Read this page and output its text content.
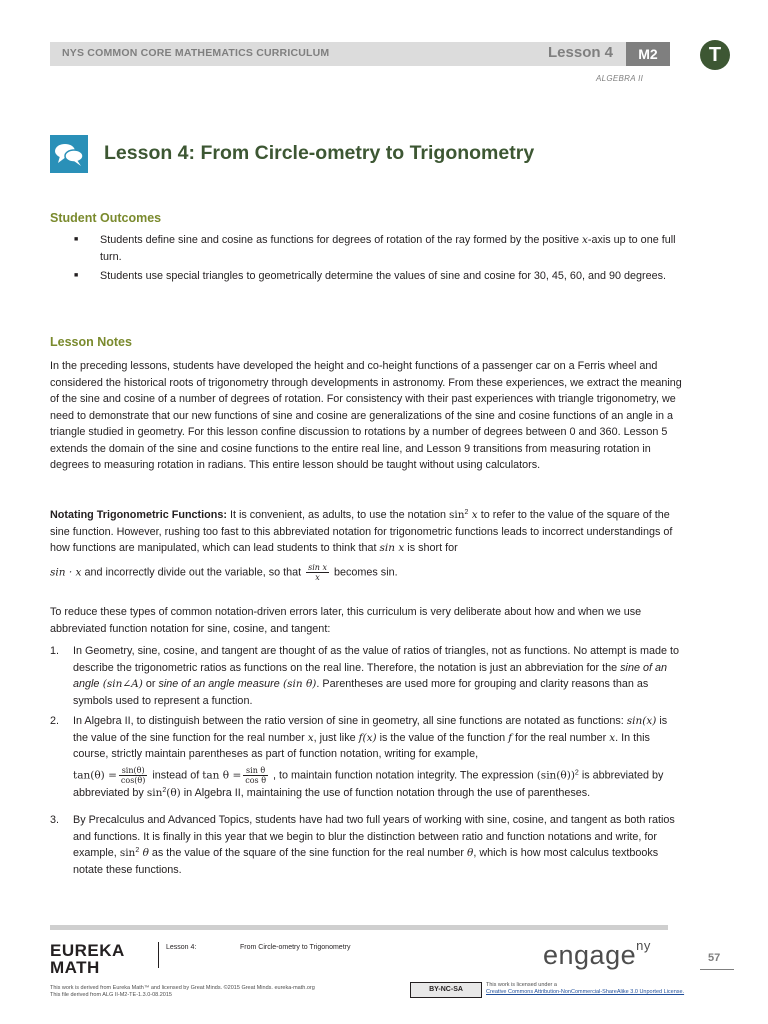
NYS COMMON CORE MATHEMATICS CURRICULUM	Lesson 4	M2	T
ALGEBRA II
Lesson 4: From Circle-ometry to Trigonometry
Student Outcomes
■ Students define sine and cosine as functions for degrees of rotation of the ray formed by the positive x-axis up to one full turn.
■ Students use special triangles to geometrically determine the values of sine and cosine for 30, 45, 60, and 90 degrees.
Lesson Notes
In the preceding lessons, students have developed the height and co-height functions of a passenger car on a Ferris wheel and considered the historical roots of trigonometry through developments in astronomy. From these experiences, we extract the meaning of the sine and cosine of a number of degrees of rotation. For consistency with their past experiences with triangle trigonometry, we need to demonstrate that our new functions of sine and cosine are generalizations of the sine and cosine functions of an angle in a triangle studied in geometry. For this lesson confine discussion to rotations by a number of degrees between 0 and 360. Lesson 5 extends the domain of the sine and cosine functions to the entire real line, and Lesson 9 transitions from measuring rotation in degrees to measuring rotation in radians. This entire lesson should be taught without using calculators.
Notating Trigonometric Functions: It is convenient, as adults, to use the notation $\sin^2 x$ to refer to the value of the square of the sine function. However, rushing too fast to this abbreviated notation for trigonometric functions leads to incorrect understandings of how functions are manipulated, which can lead students to think that sin x is short for
sin · x and incorrectly divide out the variable, so that $\frac{\text{sin x}}{x}$ becomes sin.
To reduce these types of common notation-driven errors later, this curriculum is very deliberate about how and when we use abbreviated function notation for sine, cosine, and tangent:
1. In Geometry, sine, cosine, and tangent are thought of as the value of ratios of triangles, not as functions. No attempt is made to describe the trigonometric ratios as functions on the real line. Therefore, the notation is just an abbreviation for the sine of an angle (sin∠A) or sine of an angle measure (sin θ). Parentheses are used more for grouping and clarity reasons than as symbols used to represent a function.
2. In Algebra II, to distinguish between the ratio version of sine in geometry, all sine functions are notated as functions: sin(x) is the value of the sine function for the real number x, just like f(x) is the value of the function f for the real number x. In this course, strictly maintain parentheses as part of function notation, writing for example,
$\tan(\theta) = \frac{\sin(\theta)}{\cos(\theta)}$ instead of $\tan \theta = \frac{\text{sin θ}}{\text{cos θ}}$ , to maintain function notation integrity. The expression $(\sin(\theta))^2$ is abbreviated by
abbreviated by $\sin^2(\theta)$ in Algebra II, maintaining the use of function notation through the use of parentheses.
3. By Precalculus and Advanced Topics, students have had two full years of working with sine, cosine, and tangent as both ratios and functions. It is finally in this year that we begin to blur the distinction between ratio and function notations and write, for example, $\sin^2 \theta$ as the value of the square of the sine function for the real number θ, which is how most calculus textbooks notate these functions.
EUREKA
MATH
Lesson 4:	From Circle-ometry to Trigonometry	engage$^{ny}$
57
This work is derived from Eureka Math™ and licensed by Great Minds. ©2015 Great Minds. eureka-math.org
This file derived from ALG II-M2-TE-1.3.0-08.2015
BY-NC-SA
This work is licensed under a
Creative Commons Attribution-NonCommercial-ShareAlike 3.0 Unported License.
